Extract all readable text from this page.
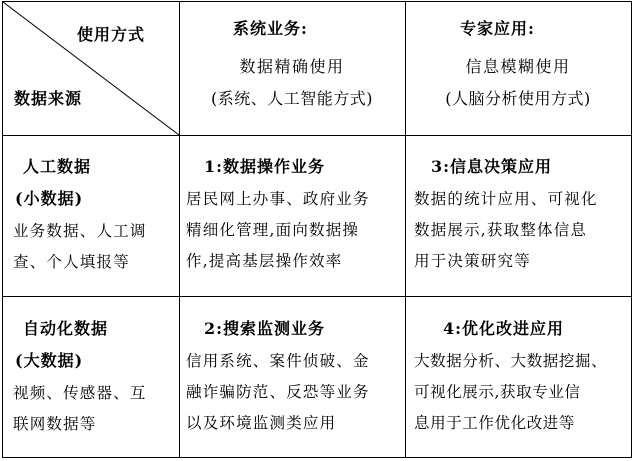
使用方式
数据来源
系统业务:
数据精确使用
(系统、人工智能方式)
专家应用:
信息模糊使用
(人脑分析使用方式)
人工数据
(小数据)
业务数据、人工调
查、个人填报等
1:数据操作业务
居民网上办事、政府业务
精细化管理,面向数据操
作,提高基层操作效率
3:信息决策应用
数据的统计应用、可视化
数据展示,获取整体信息
用于决策研究等
自动化数据
(大数据)
视频、传感器、互
联网数据等
2:搜索监测业务
信用系统、案件侦破、金
融诈骗防范、反恐等业务
以及环境监测类应用
4:优化改进应用
大数据分析、大数据挖掘、
可视化展示,获取专业信
息用于工作优化改进等
